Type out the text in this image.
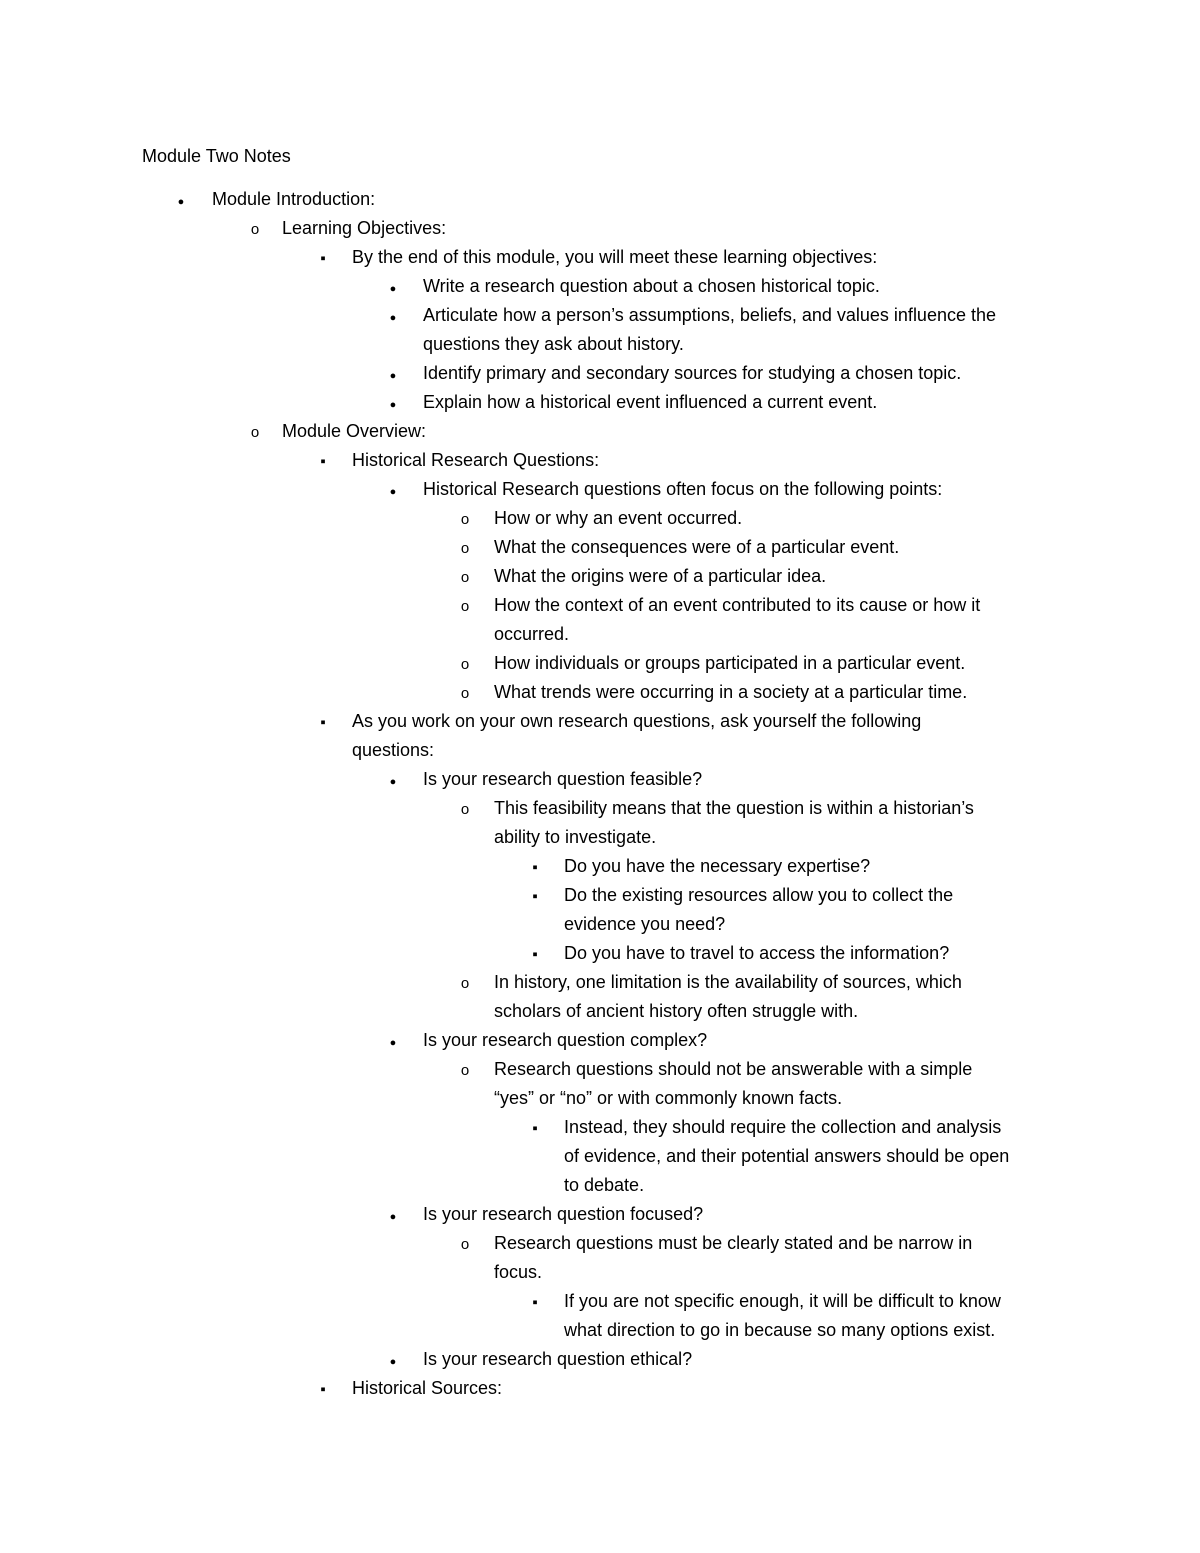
Module Two Notes
●
Module Introduction:
o
Learning Objectives:
▪
By the end of this module, you will meet these learning objectives:
●
Write a research question about a chosen historical topic.
●
Articulate how a person’s assumptions, beliefs, and values influence the
questions they ask about history.
●
Identify primary and secondary sources for studying a chosen topic.
●
Explain how a historical event influenced a current event.
o
Module Overview:
▪
Historical Research Questions:
●
Historical Research questions often focus on the following points:
o
How or why an event occurred.
o
What the consequences were of a particular event.
o
What the origins were of a particular idea.
o
How the context of an event contributed to its cause or how it
occurred.
o
How individuals or groups participated in a particular event.
o
What trends were occurring in a society at a particular time.
▪
As you work on your own research questions, ask yourself the following
questions:
●
Is your research question feasible?
o
This feasibility means that the question is within a historian’s
ability to investigate.
▪
Do you have the necessary expertise?
▪
Do the existing resources allow you to collect the
evidence you need?
▪
Do you have to travel to access the information?
o
In history, one limitation is the availability of sources, which
scholars of ancient history often struggle with.
●
Is your research question complex?
o
Research questions should not be answerable with a simple
“yes” or “no” or with commonly known facts.
▪
Instead, they should require the collection and analysis
of evidence, and their potential answers should be open
to debate.
●
Is your research question focused?
o
Research questions must be clearly stated and be narrow in
focus.
▪
If you are not specific enough, it will be difficult to know
what direction to go in because so many options exist.
●
Is your research question ethical?
▪
Historical Sources:
